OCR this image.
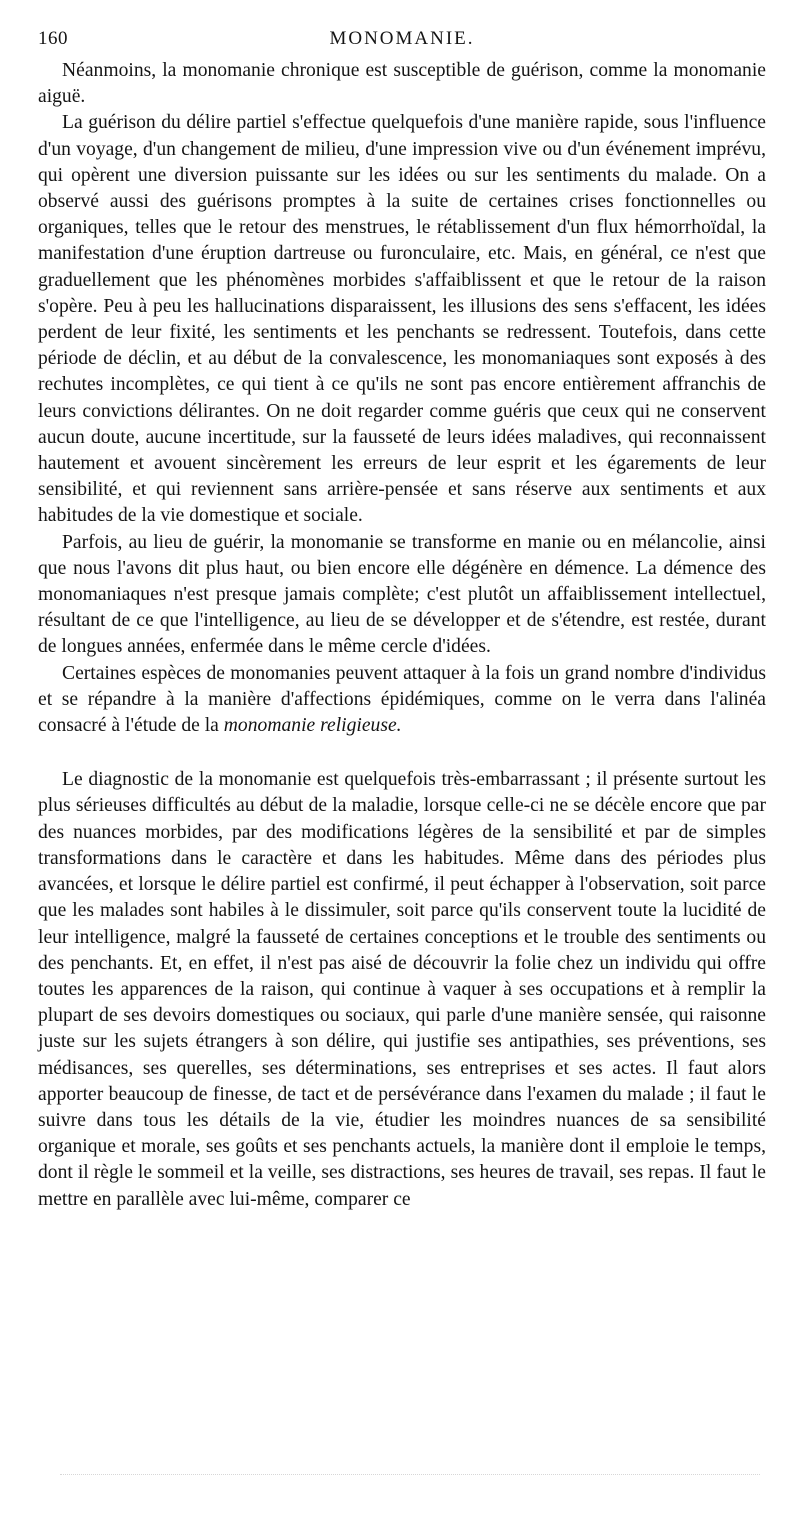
160	MONOMANIE.

Néanmoins, la monomanie chronique est susceptible de guérison, comme la monomanie aiguë.

La guérison du délire partiel s'effectue quelquefois d'une manière rapide, sous l'influence d'un voyage, d'un changement de milieu, d'une impression vive ou d'un événement imprévu, qui opèrent une diversion puissante sur les idées ou sur les sentiments du malade. On a observé aussi des guérisons promptes à la suite de certaines crises fonctionnelles ou organiques, telles que le retour des menstrues, le rétablissement d'un flux hémorrhoïdal, la manifestation d'une éruption dartreuse ou furonculaire, etc. Mais, en général, ce n'est que graduellement que les phénomènes morbides s'affaiblissent et que le retour de la raison s'opère. Peu à peu les hallucinations disparaissent, les illusions des sens s'effacent, les idées perdent de leur fixité, les sentiments et les penchants se redressent. Toutefois, dans cette période de déclin, et au début de la convalescence, les monomaniaques sont exposés à des rechutes incomplètes, ce qui tient à ce qu'ils ne sont pas encore entièrement affranchis de leurs convictions délirantes. On ne doit regarder comme guéris que ceux qui ne conservent aucun doute, aucune incertitude, sur la fausseté de leurs idées maladives, qui reconnaissent hautement et avouent sincèrement les erreurs de leur esprit et les égarements de leur sensibilité, et qui reviennent sans arrière-pensée et sans réserve aux sentiments et aux habitudes de la vie domestique et sociale.

Parfois, au lieu de guérir, la monomanie se transforme en manie ou en mélancolie, ainsi que nous l'avons dit plus haut, ou bien encore elle dégénère en démence. La démence des monomaniaques n'est presque jamais complète; c'est plutôt un affaiblissement intellectuel, résultant de ce que l'intelligence, au lieu de se développer et de s'étendre, est restée, durant de longues années, enfermée dans le même cercle d'idées.

Certaines espèces de monomanies peuvent attaquer à la fois un grand nombre d'individus et se répandre à la manière d'affections épidémiques, comme on le verra dans l'alinéa consacré à l'étude de la monomanie religieuse.

Le diagnostic de la monomanie est quelquefois très-embarrassant ; il présente surtout les plus sérieuses difficultés au début de la maladie, lorsque celle-ci ne se décèle encore que par des nuances morbides, par des modifications légères de la sensibilité et par de simples transformations dans le caractère et dans les habitudes. Même dans des périodes plus avancées, et lorsque le délire partiel est confirmé, il peut échapper à l'observation, soit parce que les malades sont habiles à le dissimuler, soit parce qu'ils conservent toute la lucidité de leur intelligence, malgré la fausseté de certaines conceptions et le trouble des sentiments ou des penchants. Et, en effet, il n'est pas aisé de découvrir la folie chez un individu qui offre toutes les apparences de la raison, qui continue à vaquer à ses occupations et à remplir la plupart de ses devoirs domestiques ou sociaux, qui parle d'une manière sensée, qui raisonne juste sur les sujets étrangers à son délire, qui justifie ses antipathies, ses préventions, ses médisances, ses querelles, ses déterminations, ses entreprises et ses actes. Il faut alors apporter beaucoup de finesse, de tact et de persévérance dans l'examen du malade ; il faut le suivre dans tous les détails de la vie, étudier les moindres nuances de sa sensibilité organique et morale, ses goûts et ses penchants actuels, la manière dont il emploie le temps, dont il règle le sommeil et la veille, ses distractions, ses heures de travail, ses repas. Il faut le mettre en parallèle avec lui-même, comparer ce
